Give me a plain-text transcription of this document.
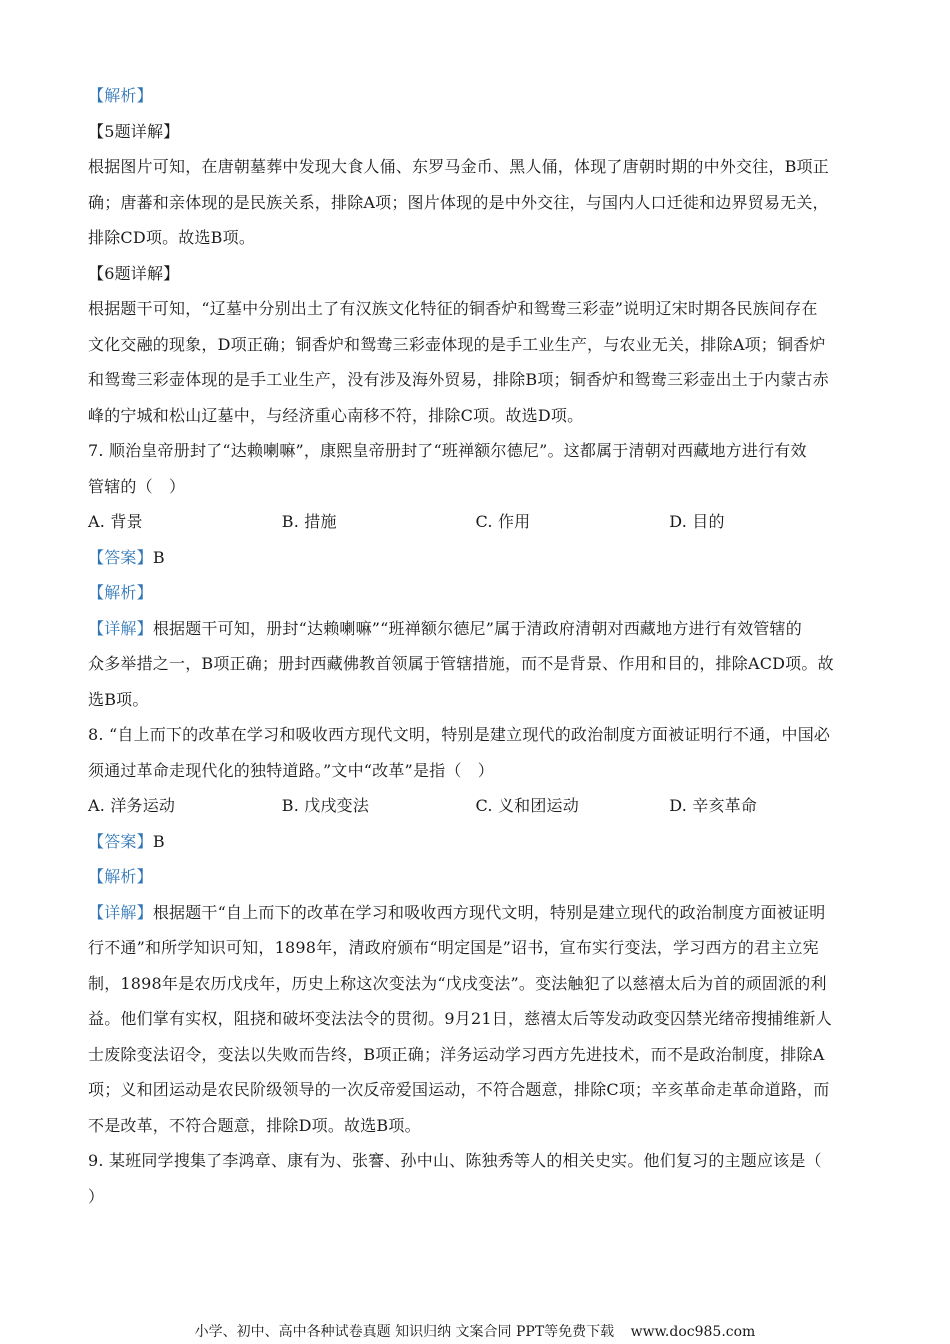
【解析】
【5题详解】
根据图片可知，在唐朝墓葬中发现大食人俑、东罗马金币、黑人俑，体现了唐朝时期的中外交往，B项正
确；唐蕃和亲体现的是民族关系，排除A项；图片体现的是中外交往，与国内人口迁徙和边界贸易无关，
排除CD项。故选B项。
【6题详解】
根据题干可知，“辽墓中分别出土了有汉族文化特征的铜香炉和鸳鸯三彩壶”说明辽宋时期各民族间存在
文化交融的现象，D项正确；铜香炉和鸳鸯三彩壶体现的是手工业生产，与农业无关，排除A项；铜香炉
和鸳鸯三彩壶体现的是手工业生产，没有涉及海外贸易，排除B项；铜香炉和鸳鸯三彩壶出土于内蒙古赤
峰的宁城和松山辽墓中，与经济重心南移不符，排除C项。故选D项。
7. 顺治皇帝册封了“达赖喇嘛”，康熙皇帝册封了“班禅额尔德尼”。这都属于清朝对西藏地方进行有效
管辖的（　）
A. 背景	B. 措施	C. 作用	D. 目的
【答案】B
【解析】
【详解】根据题干可知，册封“达赖喇嘛”“班禅额尔德尼”属于清政府清朝对西藏地方进行有效管辖的
众多举措之一，B项正确；册封西藏佛教首领属于管辖措施，而不是背景、作用和目的，排除ACD项。故
选B项。
8. “自上而下的改革在学习和吸收西方现代文明，特别是建立现代的政治制度方面被证明行不通，中国必
须通过革命走现代化的独特道路。”文中“改革”是指（　）
A. 洋务运动	B. 戊戌变法	C. 义和团运动	D. 辛亥革命
【答案】B
【解析】
【详解】根据题干“自上而下的改革在学习和吸收西方现代文明，特别是建立现代的政治制度方面被证明
行不通”和所学知识可知，1898年，清政府颁布“明定国是”诏书，宣布实行变法，学习西方的君主立宪
制，1898年是农历戊戌年，历史上称这次变法为“戊戌变法”。变法触犯了以慈禧太后为首的顽固派的利
益。他们掌有实权，阻挠和破坏变法法令的贯彻。9月21日，慈禧太后等发动政变囚禁光绪帝搜捕维新人
士废除变法诏令，变法以失败而告终，B项正确；洋务运动学习西方先进技术，而不是政治制度，排除A
项；义和团运动是农民阶级领导的一次反帝爱国运动，不符合题意，排除C项；辛亥革命走革命道路，而
不是改革，不符合题意，排除D项。故选B项。
9. 某班同学搜集了李鸿章、康有为、张謇、孙中山、陈独秀等人的相关史实。他们复习的主题应该是（
）
小学、初中、高中各种试卷真题 知识归纳 文案合同 PPT等免费下载 www.doc985.com
